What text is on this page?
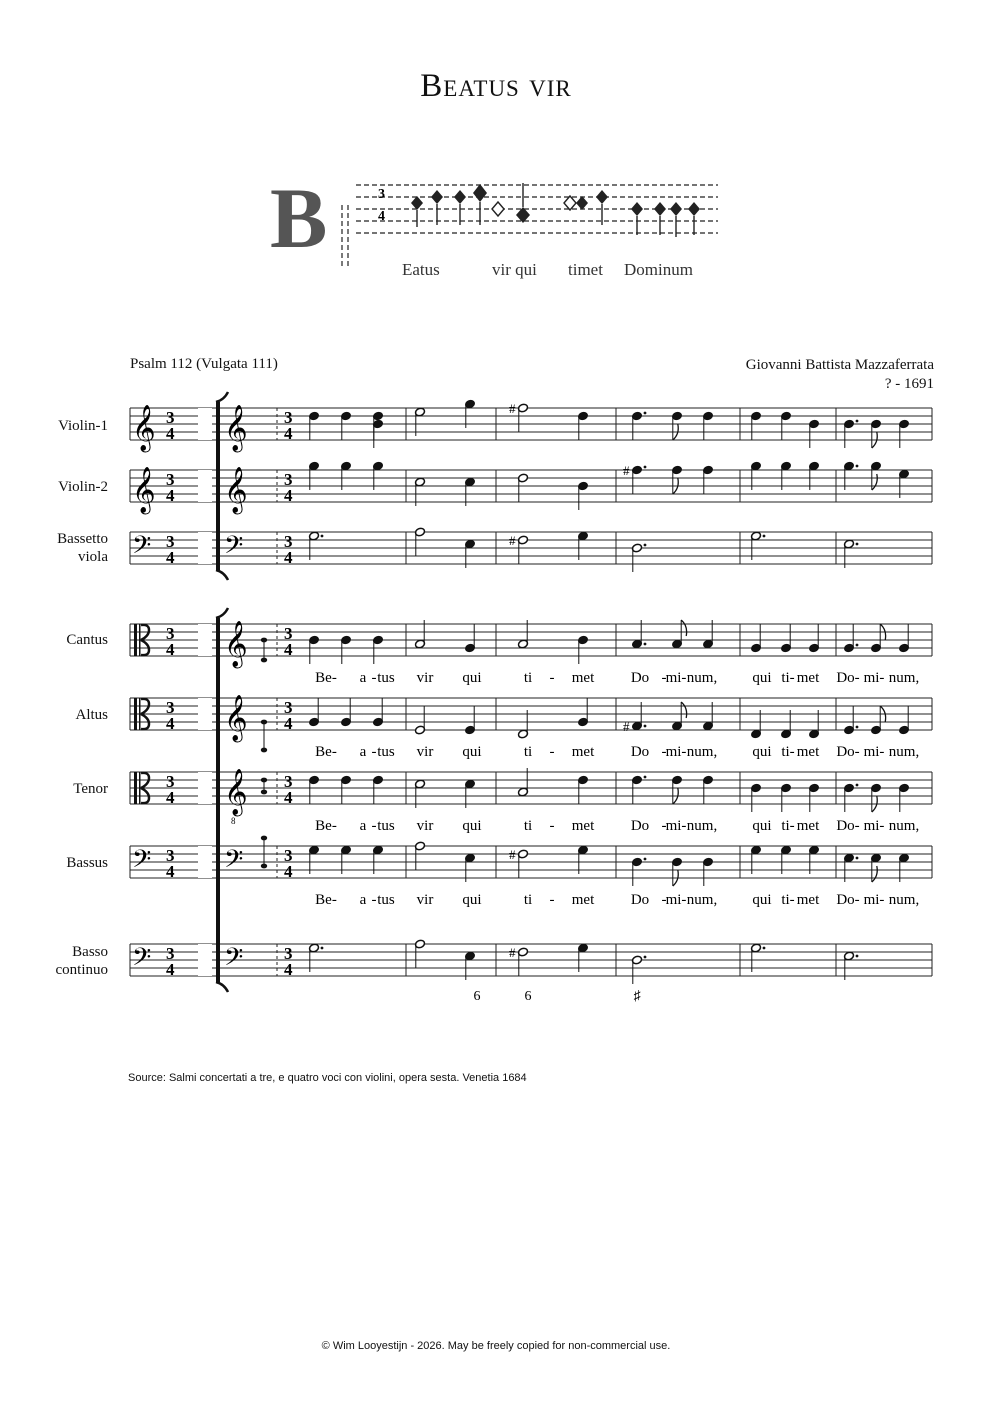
Beatus vir
B	3
4
Eatus	vir qui timet Dominum
Psalm 112 (Vulgata 111)	Giovanni Battista Mazzaferrata
? - 1691
Violin-1
Violin-2
Bassetto
viola
Cantus
Altus
Tenor
Bassus
Basso
continuo
𝄞 3
4 𝄞 3
4
𝄞 3
4 𝄞 3
4
𝄢 3
4 𝄢 3
4
3
4 𝄞 3
4
3
4 𝄞 3
4
3
4 𝄞
8
3
4
𝄢 3
4 𝄢 3
4
𝄢 3
4 𝄢 3
4
#
#
#
#
#
#
Be- a - tus vir qui	ti - met Do - mi- num, qui ti- met Do- mi- num,
Be- a - tus vir qui	ti - met Do - mi- num, qui ti- met Do- mi- num,
Be- a - tus vir qui	ti - met Do - mi- num, qui ti- met Do- mi- num,
Be- a - tus vir qui	ti - met Do - mi- num, qui ti- met Do- mi- num,
6	6	♯
Source: Salmi concertati a tre, e quatro voci con violini, opera sesta. Venetia 1684
© Wim Looyestijn - 2026. May be freely copied for non-commercial use.
